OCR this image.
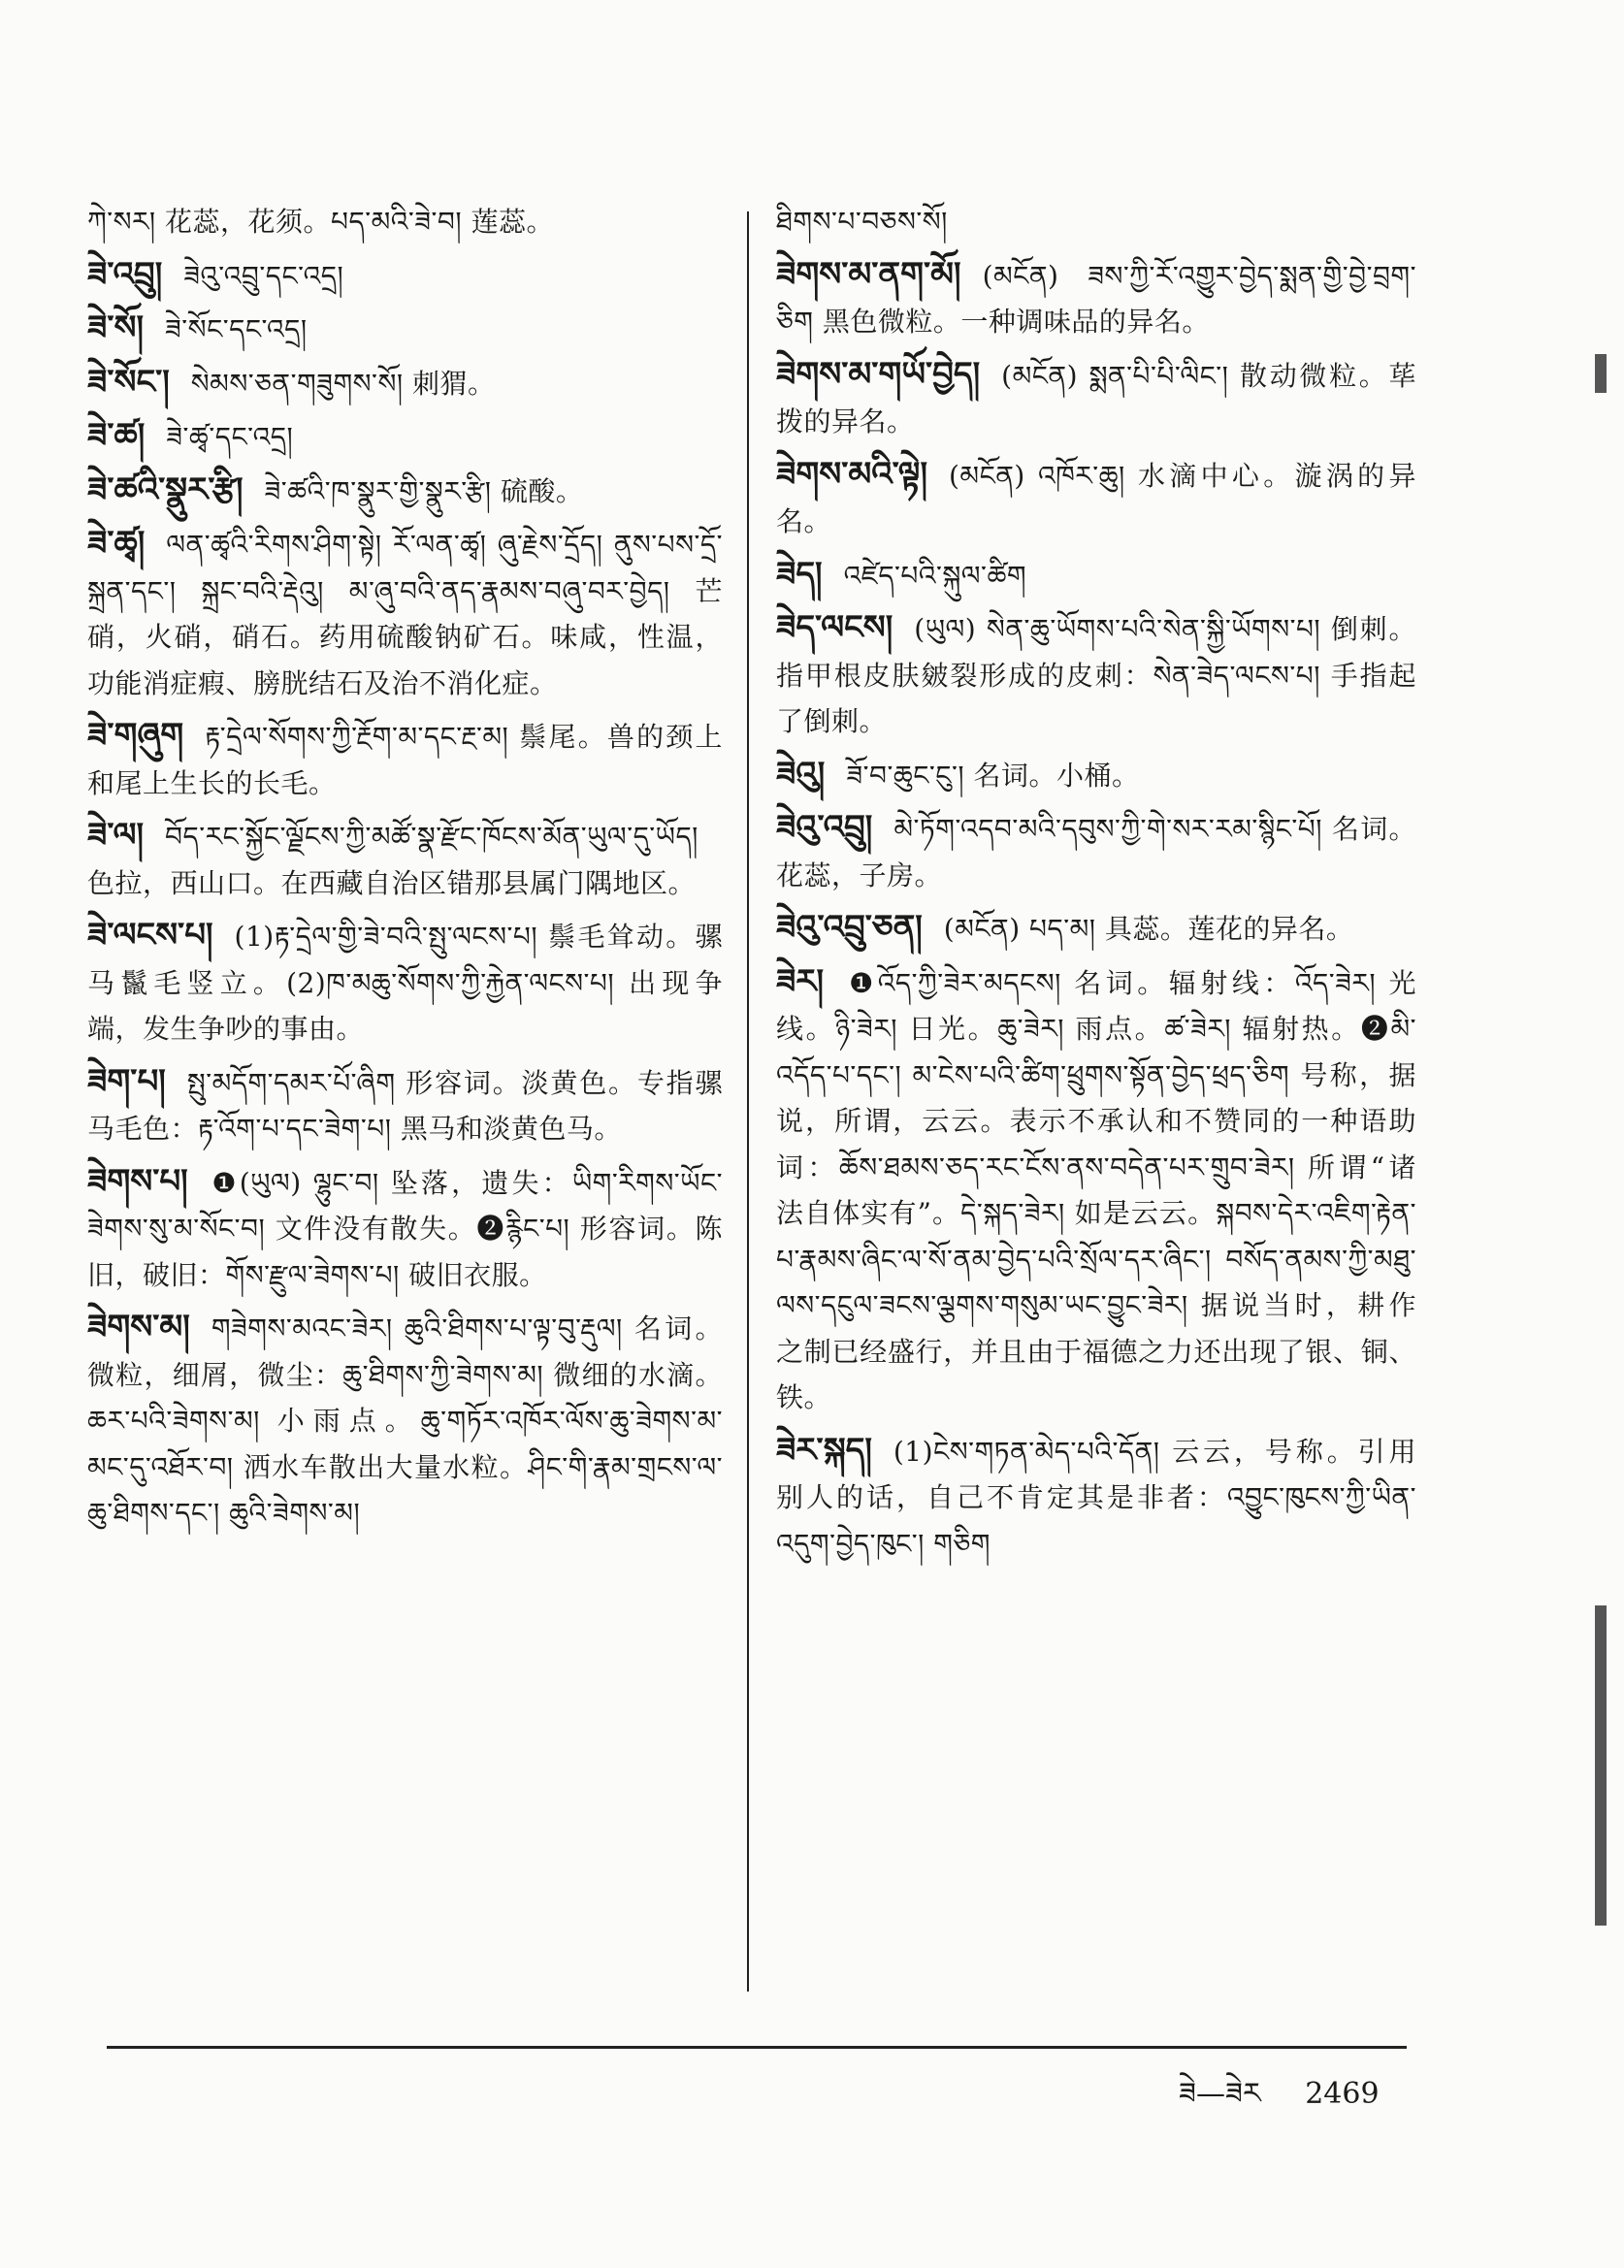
ཀེ་སར། 花蕊，花须。པད་མའི་ཟེ་བ། 莲蕊。
ཟེ་འབྲུ། ཟེའུ་འབྲུ་དང་འདྲ།
ཟེ་སོ། ཟེ་སོང་དང་འདྲ།
ཟེ་སོང་། སེམས་ཅན་གཟུགས་སོ། 刺猬。
ཟེ་ཚ། ཟེ་ཚྭ་དང་འདྲ།
ཟེ་ཚའི་སྣུར་རྩི། ཟེ་ཚའི་ཁ་སྣུར་གྱི་སྣུར་རྩི། 硫酸。
ཟེ་ཚྭ། ལན་ཚྭའི་རིགས་ཤིག་སྟེ། རོ་ལན་ཚྭ། ཞུ་རྗེས་དྲོད། ནུས་པས་དྲོ་སྐྲན་དང་། སྐྲང་བའི་རྡེའུ། མ་ཞུ་བའི་ནད་རྣམས་བཞུ་བར་བྱེད། 芒硝，火硝，硝石。药用硫酸钠矿石。味咸，性温，功能消症瘕、膀胱结石及治不消化症。
ཟེ་གཞུག རྟ་དྲེལ་སོགས་ཀྱི་རྔོག་མ་དང་རྔ་མ། 鬃尾。兽的颈上和尾上生长的长毛。
ཟེ་ལ། བོད་རང་སྐྱོང་ལྗོངས་ཀྱི་མཚོ་སྣ་རྫོང་ཁོངས་མོན་ཡུལ་དུ་ཡོད། 色拉，西山口。在西藏自治区错那县属门隅地区。
ཟེ་ལངས་པ། (1)རྟ་དྲེལ་གྱི་ཟེ་བའི་སྤུ་ལངས་པ། 鬃毛耸动。骡马鬣毛竖立。(2)ཁ་མཆུ་སོགས་ཀྱི་རྐྱེན་ལངས་པ། 出现争端，发生争吵的事由。
ཟེག་པ། སྤུ་མདོག་དམར་པོ་ཞིག 形容词。淡黄色。专指骡马毛色：རྟ་འོག་པ་དང་ཟེག་པ། 黑马和淡黄色马。
ཟེགས་པ། ❶(ཡུལ) ལྷུང་བ། 坠落，遗失：ཡིག་རིགས་ཡོང་ཟེགས་སུ་མ་སོང་བ། 文件没有散失。❷རྙིང་པ། 形容词。陈旧，破旧：གོས་རྫུལ་ཟེགས་པ། 破旧衣服。
ཟེགས་མ། གཟེགས་མའང་ཟེར། ཆུའི་ཐིགས་པ་ལྟ་བུ་རྡུལ། 名词。微粒，细屑，微尘：ཆུ་ཐིགས་ཀྱི་ཟེགས་མ། 微细的水滴。ཆར་པའི་ཟེགས་མ། 小雨点。ཆུ་གཏོར་འཁོར་ལོས་ཆུ་ཟེགས་མ་མང་དུ་འཐོར་བ། 洒水车散出大量水粒。ཤིང་གི་རྣམ་གྲངས་ལ་ཆུ་ཐིགས་དང་། ཆུའི་ཟེགས་མ།
ཐིགས་པ་བཅས་སོ།
ཟེགས་མ་ནག་མོ། (མངོན) ཟས་ཀྱི་རོ་འགྱུར་བྱེད་སྨན་གྱི་བྱེ་བྲག་ཅིག 黑色微粒。一种调味品的异名。
ཟེགས་མ་གཡོ་བྱེད། (མངོན) སྨན་པི་པི་ལིང་། 散动微粒。荜拨的异名。
ཟེགས་མའི་ལྟེ། (མངོན) འཁོར་ཆུ། 水滴中心。漩涡的异名。
ཟེད། འཛེད་པའི་སྐུལ་ཚིག
ཟེད་ལངས། (ཡུལ) སེན་ཆུ་ཡོགས་པའི་སེན་སྐྱི་ཡོགས་པ། 倒刺。指甲根皮肤皴裂形成的皮刺：སེན་ཟེད་ལངས་པ། 手指起了倒刺。
ཟེའུ། ཟོ་བ་ཆུང་ངུ་། 名词。小桶。
ཟེའུ་འབྲུ། མེ་ཏོག་འདབ་མའི་དབུས་ཀྱི་གེ་སར་རམ་སྙིང་པོ། 名词。花蕊，子房。
ཟེའུ་འབྲུ་ཅན། (མངོན) པད་མ། 具蕊。莲花的异名。
ཟེར། ❶འོད་ཀྱི་ཟེར་མདངས། 名词。辐射线：འོད་ཟེར། 光线。ཉི་ཟེར། 日光。ཆུ་ཟེར། 雨点。ཚ་ཟེར། 辐射热。❷མི་འདོད་པ་དང་། མ་ངེས་པའི་ཚིག་ཕྲུགས་སྟོན་བྱེད་ཕྲད་ཅིག 号称，据说，所谓，云云。表示不承认和不赞同的一种语助词：ཆོས་ཐམས་ཅད་རང་ངོས་ནས་བདེན་པར་གྲུབ་ཟེར། 所谓“诸法自体实有”。དེ་སྐད་ཟེར། 如是云云。སྐབས་དེར་འཇིག་རྟེན་པ་རྣམས་ཞིང་ལ་སོ་ནམ་བྱེད་པའི་སྲོལ་དར་ཞིང་། བསོད་ནམས་ཀྱི་མཐུ་ལས་དངུལ་ཟངས་ལྕགས་གསུམ་ཡང་བྱུང་ཟེར། 据说当时，耕作之制已经盛行，并且由于福德之力还出现了银、铜、铁。
ཟེར་སྐད། (1)ངེས་གཏན་མེད་པའི་དོན། 云云，号称。引用别人的话，自己不肯定其是非者：འབྱུང་ཁུངས་ཀྱི་ཡིན་འདུག་བྱེད་ཁུང་། གཅིག
ཟེ—ཟེར 2469
